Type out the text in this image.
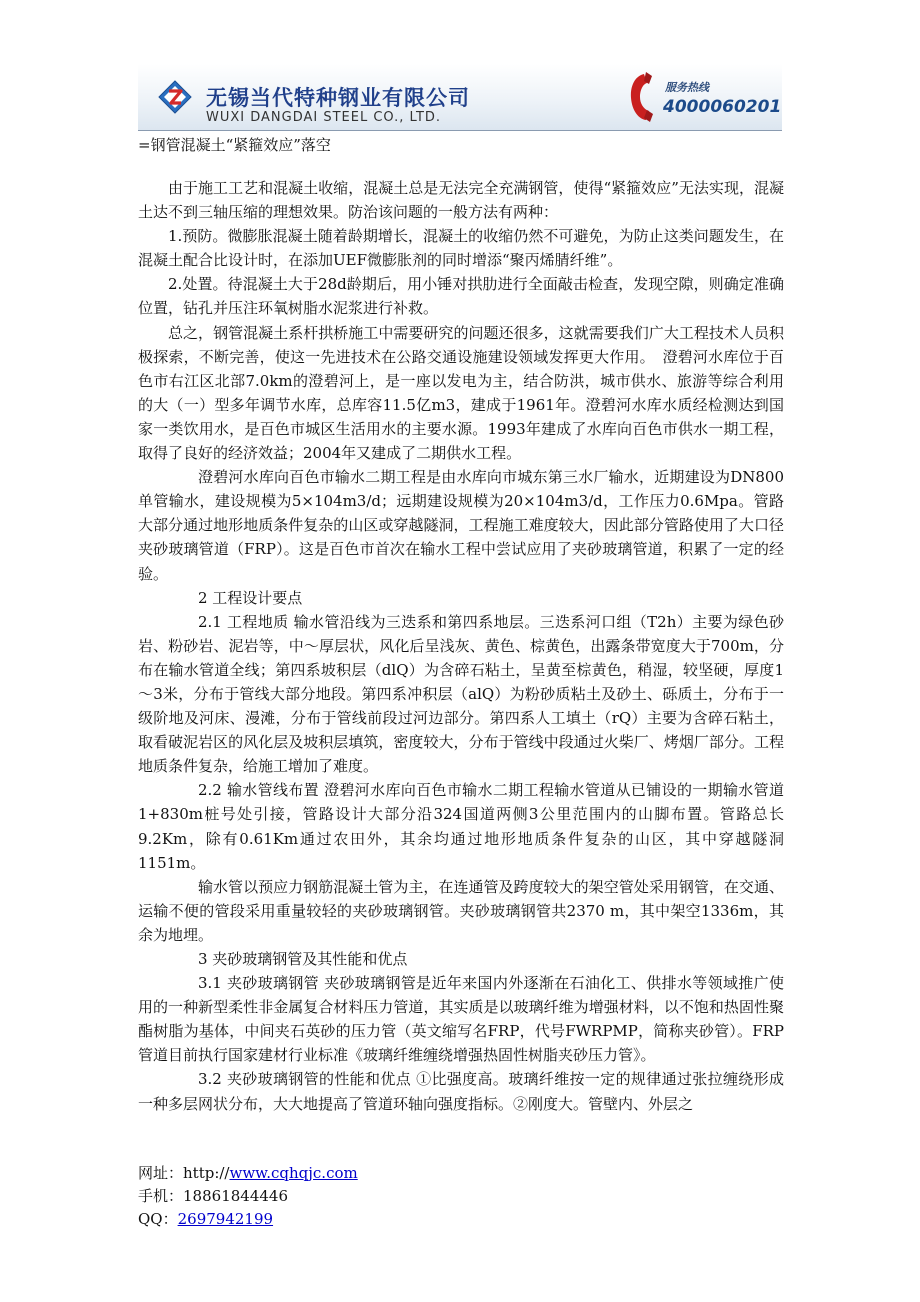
无锡当代特种钢业有限公司
WUXI DANGDAI STEEL CO., LTD.
服务热线
4000060201
=钢管混凝土“紧箍效应”落空

由于施工工艺和混凝土收缩，混凝土总是无法完全充满钢管，使得“紧箍效应”无法实现，混凝土达不到三轴压缩的理想效果。防治该问题的一般方法有两种：

1.预防。微膨胀混凝土随着龄期增长，混凝土的收缩仍然不可避免，为防止这类问题发生，在混凝土配合比设计时，在添加UEF微膨胀剂的同时增添“聚丙烯腈纤维”。

2.处置。待混凝土大于28d龄期后，用小锤对拱肋进行全面敲击检查，发现空隙，则确定准确位置，钻孔并压注环氧树脂水泥浆进行补救。

总之，钢管混凝土系杆拱桥施工中需要研究的问题还很多，这就需要我们广大工程技术人员积极探索，不断完善，使这一先进技术在公路交通设施建设领域发挥更大作用。　澄碧河水库位于百色市右江区北部7.0km的澄碧河上，是一座以发电为主，结合防洪，城市供水、旅游等综合利用的大（一）型多年调节水库，总库容11.5亿m3，建成于1961年。澄碧河水库水质经检测达到国家一类饮用水，是百色市城区生活用水的主要水源。1993年建成了水库向百色市供水一期工程，取得了良好的经济效益；2004年又建成了二期供水工程。

澄碧河水库向百色市输水二期工程是由水库向市城东第三水厂输水，近期建设为DN800单管输水，建设规模为5×104m3/d；远期建设规模为20×104m3/d，工作压力0.6Mpa。管路大部分通过地形地质条件复杂的山区或穿越隧洞，工程施工难度较大，因此部分管路使用了大口径夹砂玻璃管道（FRP）。这是百色市首次在输水工程中尝试应用了夹砂玻璃管道，积累了一定的经验。

2 工程设计要点

2.1 工程地质 输水管沿线为三迭系和第四系地层。三迭系河口组（T2h）主要为绿色砂岩、粉砂岩、泥岩等，中～厚层状，风化后呈浅灰、黄色、棕黄色，出露条带宽度大于700m，分布在输水管道全线；第四系坡积层（dlQ）为含碎石粘土，呈黄至棕黄色，稍湿，较坚硬，厚度1～3米，分布于管线大部分地段。第四系冲积层（alQ）为粉砂质粘土及砂土、砾质土，分布于一级阶地及河床、漫滩，分布于管线前段过河边部分。第四系人工填土（rQ）主要为含碎石粘土，取看破泥岩区的风化层及坡积层填筑，密度较大，分布于管线中段通过火柴厂、烤烟厂部分。工程地质条件复杂，给施工增加了难度。

2.2 输水管线布置 澄碧河水库向百色市输水二期工程输水管道从已铺设的一期输水管道1+830m桩号处引接，管路设计大部分沿324国道两侧3公里范围内的山脚布置。管路总长9.2Km，除有0.61Km通过农田外，其余均通过地形地质条件复杂的山区，其中穿越隧洞1151m。

输水管以预应力钢筋混凝土管为主，在连通管及跨度较大的架空管处采用钢管，在交通、运输不便的管段采用重量较轻的夹砂玻璃钢管。夹砂玻璃钢管共2370 m，其中架空1336m，其余为地埋。

3 夹砂玻璃钢管及其性能和优点

3.1 夹砂玻璃钢管 夹砂玻璃钢管是近年来国内外逐渐在石油化工、供排水等领域推广使用的一种新型柔性非金属复合材料压力管道，其实质是以玻璃纤维为增强材料，以不饱和热固性聚酯树脂为基体，中间夹石英砂的压力管（英文缩写名FRP，代号FWRPMP，简称夹砂管）。FRP管道目前执行国家建材行业标准《玻璃纤维缠绕增强热固性树脂夹砂压力管》。

3.2 夹砂玻璃钢管的性能和优点 ①比强度高。玻璃纤维按一定的规律通过张拉缠绕形成一种多层网状分布，大大地提高了管道环轴向强度指标。②刚度大。管壁内、外层之

网址：http://www.cqhqjc.com
手机：18861844446
QQ：2697942199
